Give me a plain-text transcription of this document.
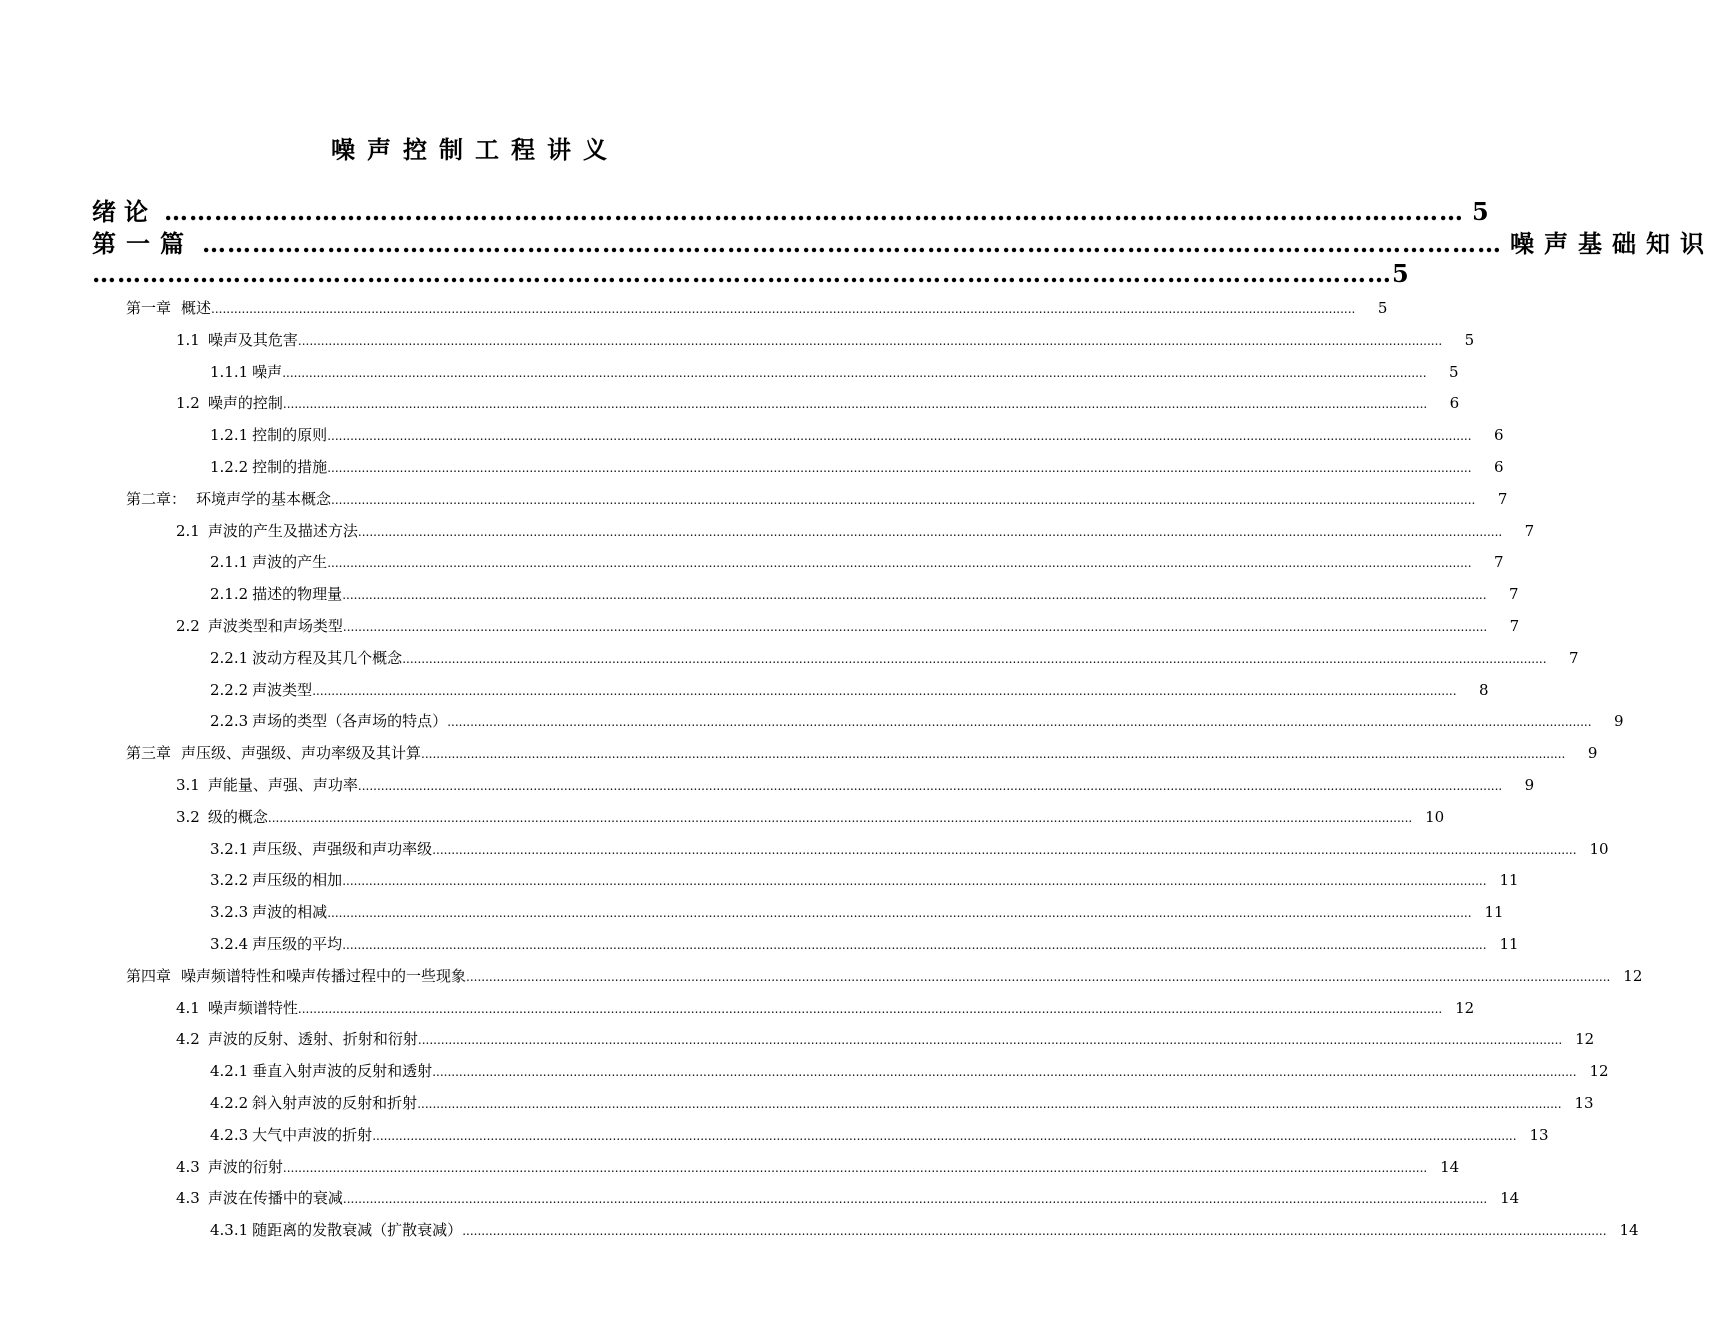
噪声控制工程讲义
绪论 ………………………………………………………………………………………………………………………………………… 5
第一篇 ………………………………………………………………………………………………………………………………………… 噪声基础知识
………………………………………………………………………………………………………………………………………… 5
第一章 概述 ............................................................................................................................................................................................................................................................................................................	5
1.1 噪声及其危害 ............................................................................................................................................................................................................................................................................................................	5
1.1.1 噪声 ............................................................................................................................................................................................................................................................................................................	5
1.2 噪声的控制 ............................................................................................................................................................................................................................................................................................................	6
1.2.1 控制的原则 ............................................................................................................................................................................................................................................................................................................	6
1.2.2 控制的措施 ............................................................................................................................................................................................................................................................................................................	6
第二章： 环境声学的基本概念 ............................................................................................................................................................................................................................................................................................................	7
2.1 声波的产生及描述方法 ............................................................................................................................................................................................................................................................................................................	7
2.1.1 声波的产生 ............................................................................................................................................................................................................................................................................................................	7
2.1.2 描述的物理量 ............................................................................................................................................................................................................................................................................................................	7
2.2 声波类型和声场类型 ............................................................................................................................................................................................................................................................................................................	7
2.2.1 波动方程及其几个概念 ............................................................................................................................................................................................................................................................................................................	7
2.2.2 声波类型 ............................................................................................................................................................................................................................................................................................................	8
2.2.3 声场的类型（各声场的特点） ............................................................................................................................................................................................................................................................................................................	9
第三章 声压级、声强级、声功率级及其计算 ............................................................................................................................................................................................................................................................................................................	9
3.1 声能量、声强、声功率 ............................................................................................................................................................................................................................................................................................................	9
3.2 级的概念 ............................................................................................................................................................................................................................................................................................................ 10
3.2.1 声压级、声强级和声功率级 ............................................................................................................................................................................................................................................................................................................ 10
3.2.2 声压级的相加 ............................................................................................................................................................................................................................................................................................................ 11
3.2.3 声波的相减 ............................................................................................................................................................................................................................................................................................................ 11
3.2.4 声压级的平均 ............................................................................................................................................................................................................................................................................................................ 11
第四章 噪声频谱特性和噪声传播过程中的一些现象 ............................................................................................................................................................................................................................................................................................................ 12
4.1 噪声频谱特性 ............................................................................................................................................................................................................................................................................................................ 12
4.2 声波的反射、透射、折射和衍射 ............................................................................................................................................................................................................................................................................................................ 12
4.2.1 垂直入射声波的反射和透射 ............................................................................................................................................................................................................................................................................................................ 12
4.2.2 斜入射声波的反射和折射 ............................................................................................................................................................................................................................................................................................................ 13
4.2.3 大气中声波的折射 ............................................................................................................................................................................................................................................................................................................ 13
4.3 声波的衍射 ............................................................................................................................................................................................................................................................................................................ 14
4.3 声波在传播中的衰减 ............................................................................................................................................................................................................................................................................................................ 14
4.3.1 随距离的发散衰减（扩散衰减） ............................................................................................................................................................................................................................................................................................................ 14
